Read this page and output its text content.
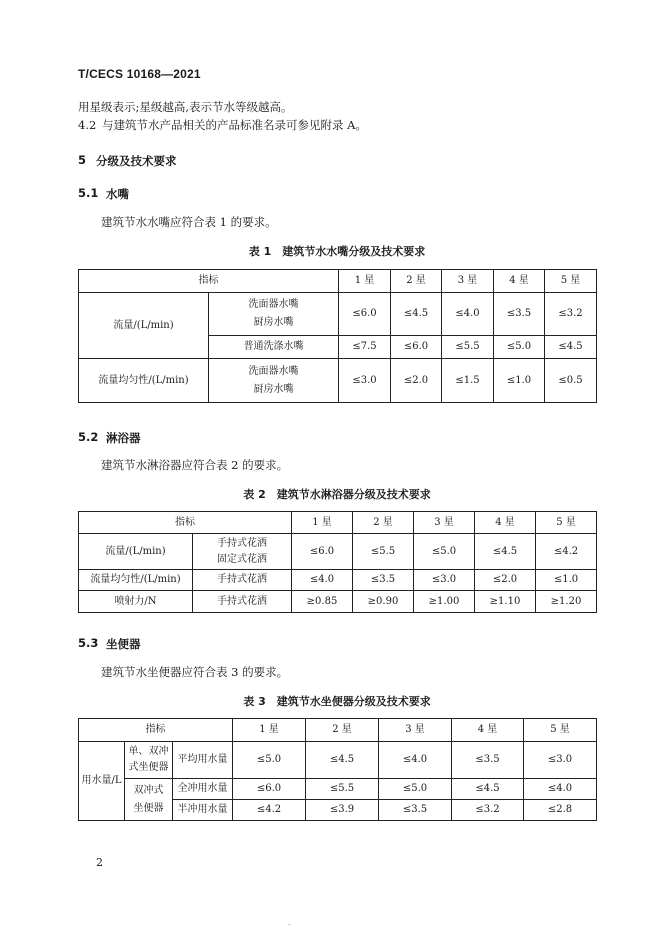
T/CECS 10168—2021
用星级表示;星级越高,表示节水等级越高。
4.2 与建筑节水产品相关的产品标准名录可参见附录 A。
5 分级及技术要求
5.1 水嘴
建筑节水水嘴应符合表 1 的要求。
表 1　建筑节水水嘴分级及技术要求
指标		1 星	2 星	3 星	4 星	5 星
流量/(L/min)	洗面器水嘴
厨房水嘴	≤6.0	≤4.5	≤4.0	≤3.5	≤3.2
	普通洗涤水嘴	≤7.5	≤6.0	≤5.5	≤5.0	≤4.5
流量均匀性/(L/min)	洗面器水嘴
厨房水嘴	≤3.0	≤2.0	≤1.5	≤1.0	≤0.5
5.2 淋浴器
建筑节水淋浴器应符合表 2 的要求。
表 2　建筑节水淋浴器分级及技术要求
指标		1 星	2 星	3 星	4 星	5 星
流量/(L/min)	手持式花洒
固定式花洒	≤6.0	≤5.5	≤5.0	≤4.5	≤4.2
流量均匀性/(L/min)	手持式花洒	≤4.0	≤3.5	≤3.0	≤2.0	≤1.0
喷射力/N	手持式花洒	≥0.85	≥0.90	≥1.00	≥1.10	≥1.20
5.3 坐便器
建筑节水坐便器应符合表 3 的要求。
表 3　建筑节水坐便器分级及技术要求
指标			1 星	2 星	3 星	4 星	5 星
用水量/L	单、双冲
式坐便器	平均用水量	≤5.0	≤4.5	≤4.0	≤3.5	≤3.0

	双冲式
坐便器	全冲用水量	≤6.0	≤5.5	≤5.0	≤4.5	≤4.0
		半冲用水量	≤4.2	≤3.9	≤3.5	≤3.2	≤2.8
2
.
